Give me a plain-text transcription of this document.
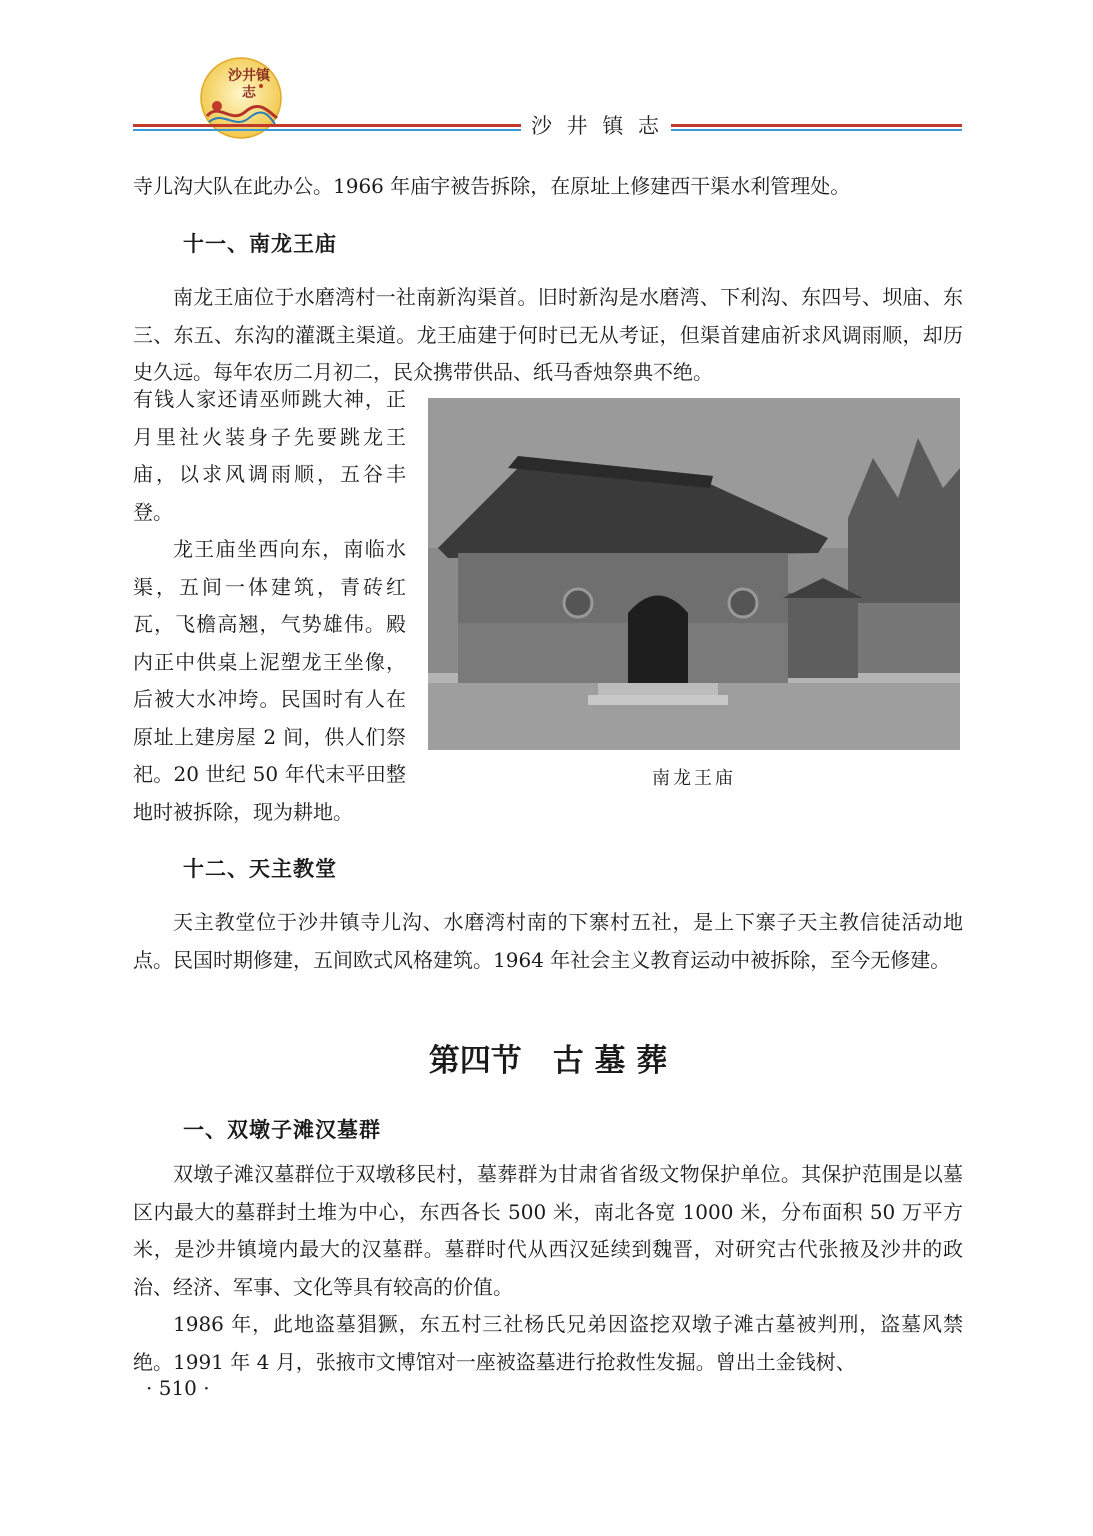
沙井镇志
沙 井 镇 志

寺儿沟大队在此办公。1966 年庙宇被告拆除，在原址上修建西干渠水利管理处。

十一、南龙王庙

南龙王庙位于水磨湾村一社南新沟渠首。旧时新沟是水磨湾、下利沟、东四号、坝庙、东三、东五、东沟的灌溉主渠道。龙王庙建于何时已无从考证，但渠首建庙祈求风调雨顺，却历史久远。每年农历二月初二，民众携带供品、纸马香烛祭典不绝。

有钱人家还请巫师跳大神，正月里社火装身子先要跳龙王庙，以求风调雨顺，五谷丰登。

龙王庙坐西向东，南临水渠，五间一体建筑，青砖红瓦，飞檐高翘，气势雄伟。殿内正中供桌上泥塑龙王坐像，后被大水冲垮。民国时有人在原址上建房屋 2 间，供人们祭祀。20 世纪 50 年代末平田整地时被拆除，现为耕地。

南龙王庙
十二、天主教堂

天主教堂位于沙井镇寺儿沟、水磨湾村南的下寨村五社，是上下寨子天主教信徒活动地点。民国时期修建，五间欧式风格建筑。1964 年社会主义教育运动中被拆除，至今无修建。

第四节　古 墓 葬
一、双墩子滩汉墓群

双墩子滩汉墓群位于双墩移民村，墓葬群为甘肃省省级文物保护单位。其保护范围是以墓区内最大的墓群封土堆为中心，东西各长 500 米，南北各宽 1000 米，分布面积 50 万平方米，是沙井镇境内最大的汉墓群。墓群时代从西汉延续到魏晋，对研究古代张掖及沙井的政治、经济、军事、文化等具有较高的价值。

1986 年，此地盗墓猖獗，东五村三社杨氏兄弟因盗挖双墩子滩古墓被判刑，盗墓风禁绝。1991 年 4 月，张掖市文博馆对一座被盗墓进行抢救性发掘。曾出土金钱树、

· 510 ·
